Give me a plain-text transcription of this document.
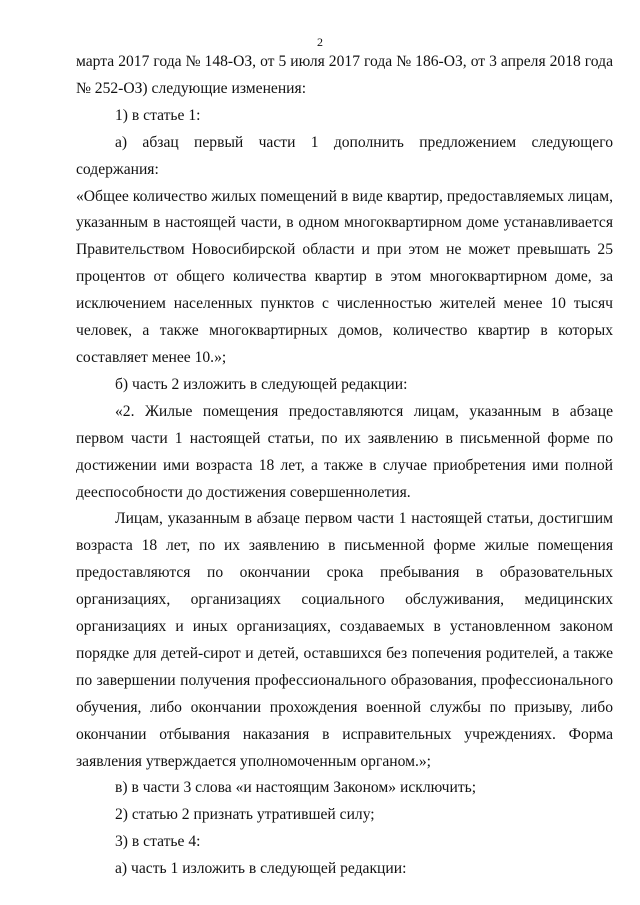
2

марта 2017 года № 148-ОЗ, от 5 июля 2017 года № 186-ОЗ, от 3 апреля 2018 года № 252-ОЗ) следующие изменения:

1) в статье 1:

а) абзац первый части 1 дополнить предложением следующего содержания:

«Общее количество жилых помещений в виде квартир, предоставляемых лицам, указанным в настоящей части, в одном многоквартирном доме устанавливается Правительством Новосибирской области и при этом не может превышать 25 процентов от общего количества квартир в этом многоквартирном доме, за исключением населенных пунктов с численностью жителей менее 10 тысяч человек, а также многоквартирных домов, количество квартир в которых составляет менее 10.»;

б) часть 2 изложить в следующей редакции:

«2. Жилые помещения предоставляются лицам, указанным в абзаце первом части 1 настоящей статьи, по их заявлению в письменной форме по достижении ими возраста 18 лет, а также в случае приобретения ими полной дееспособности до достижения совершеннолетия.

Лицам, указанным в абзаце первом части 1 настоящей статьи, достигшим возраста 18 лет, по их заявлению в письменной форме жилые помещения предоставляются по окончании срока пребывания в образовательных организациях, организациях социального обслуживания, медицинских организациях и иных организациях, создаваемых в установленном законом порядке для детей-сирот и детей, оставшихся без попечения родителей, а также по завершении получения профессионального образования, профессионального обучения, либо окончании прохождения военной службы по призыву, либо окончании отбывания наказания в исправительных учреждениях. Форма заявления утверждается уполномоченным органом.»;

в) в части 3 слова «и настоящим Законом» исключить;

2) статью 2 признать утратившей силу;

3) в статье 4:

а) часть 1 изложить в следующей редакции:
